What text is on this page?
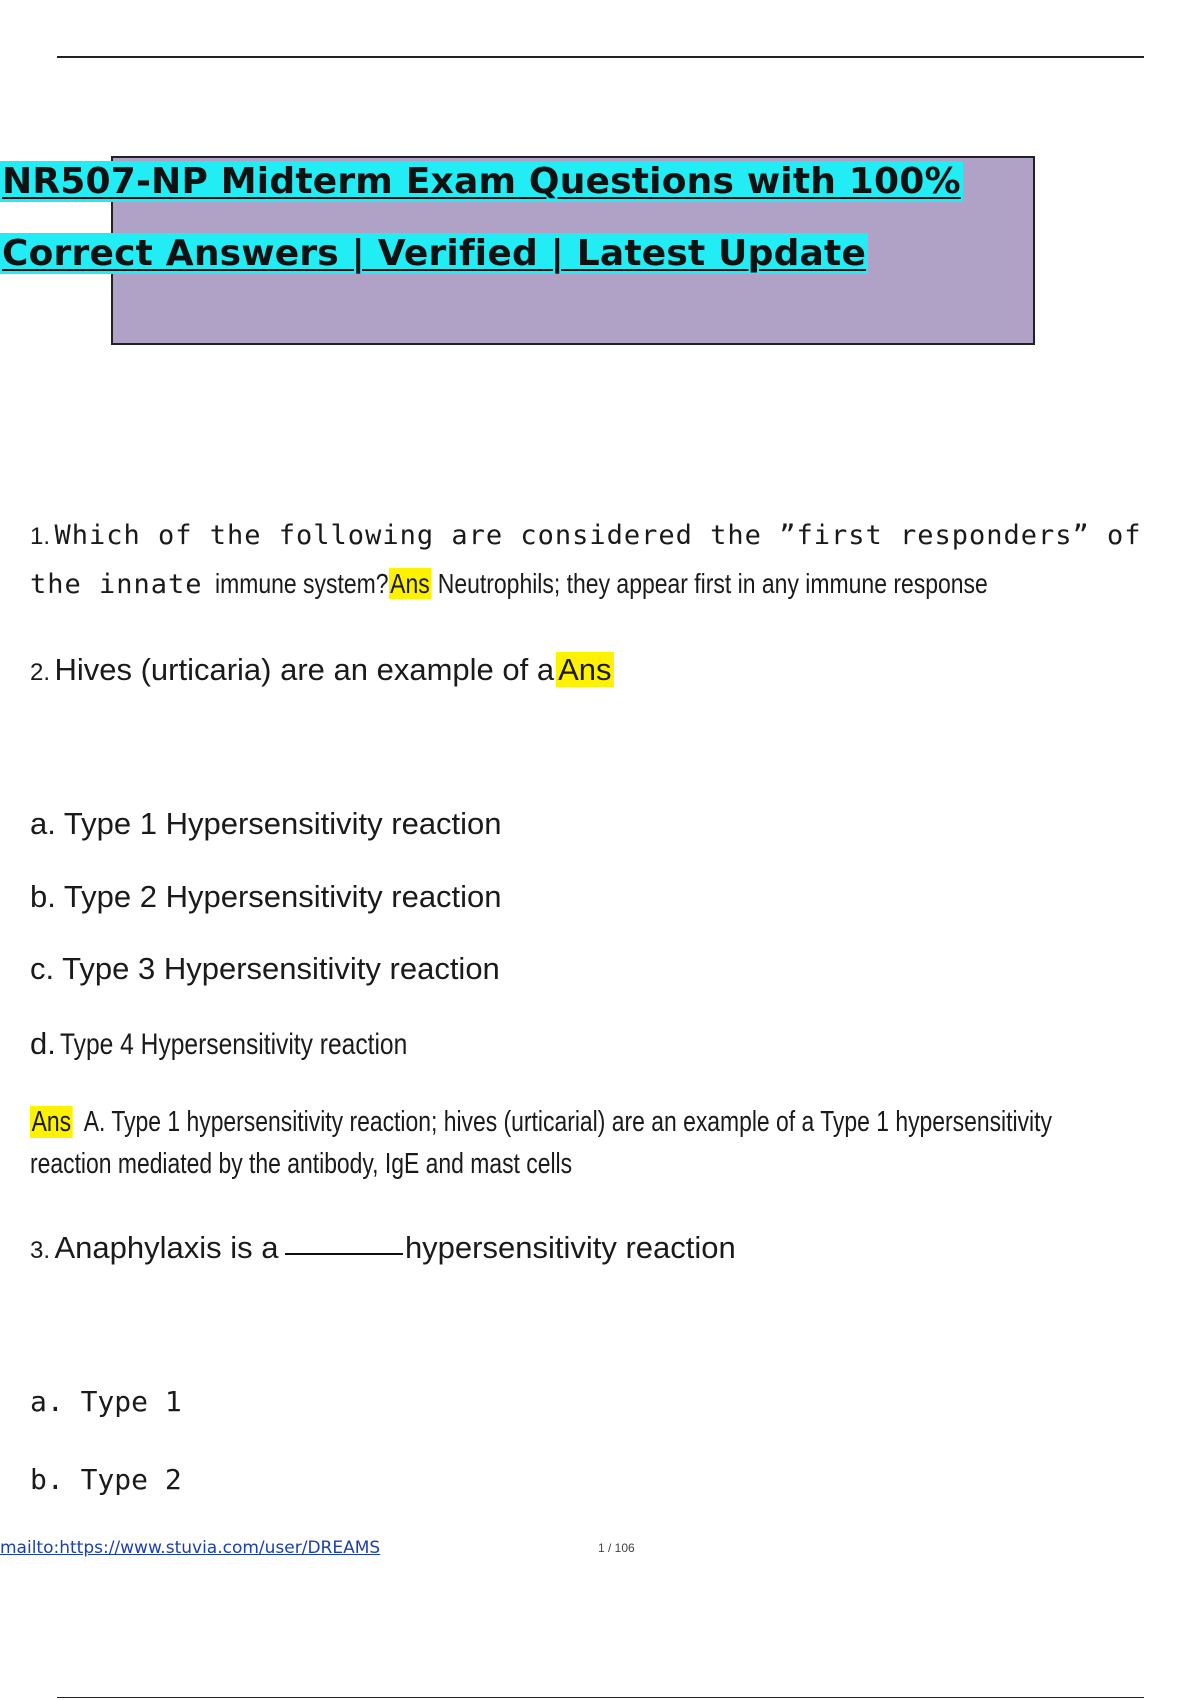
NR507-NP Midterm Exam Questions with 100%
Correct Answers | Verified | Latest Update
1. Which of the following are considered the ”first responders” of
the innate immune system?Ans Neutrophils; they appear first in any immune response
2. Hives (urticaria) are an example of a Ans
a. Type 1 Hypersensitivity reaction
b. Type 2 Hypersensitivity reaction
c. Type 3 Hypersensitivity reaction
d. Type 4 Hypersensitivity reaction
Ans A. Type 1 hypersensitivity reaction; hives (urticarial) are an example of a Type 1 hypersensitivity
reaction mediated by the antibody, IgE and mast cells
3. Anaphylaxis is a	hypersensitivity reaction
a. Type 1
b. Type 2
mailto:https://www.stuvia.com/user/DREAMS	1 / 106
